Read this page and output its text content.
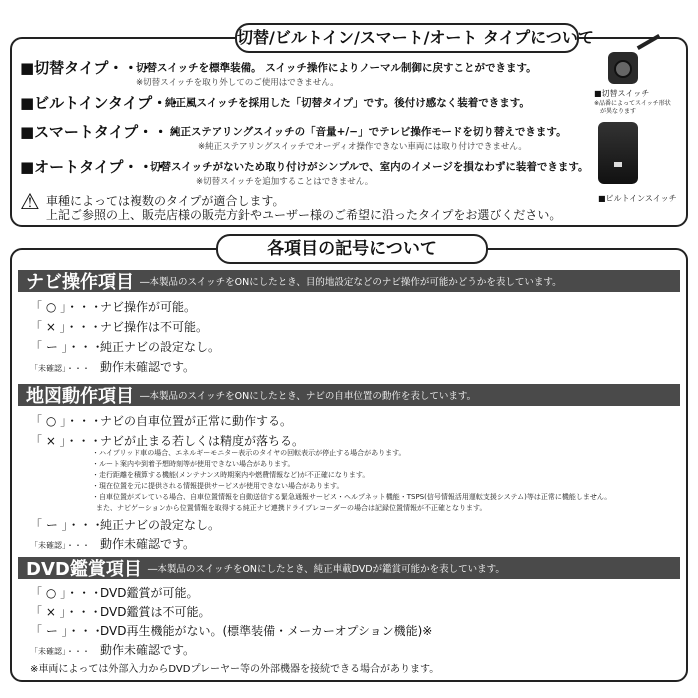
切替/ビルトイン/スマート/オート タイプについて
■切替タイプ・・・
切替スイッチを標準装備。 スイッチ操作によりノーマル制御に戻すことができます。
※切替スイッチを取り外してのご使用はできません。
■ビルトインタイプ・・・
純正風スイッチを採用した「切替タイプ」です。後付け感なく装着できます。
■スマートタイプ・・・
純正ステアリングスイッチの「音量+/−」でテレビ操作モードを切り替えできます。
※純正ステアリングスイッチでオーディオ操作できない車両には取り付けできません。
■オートタイプ・・・
切替スイッチがないため取り付けがシンプルで、室内のイメージを損なわずに装着できます。
※切替スイッチを追加することはできません。
⚠ 車種によっては複数のタイプが適合します。
上記ご参照の上、販売店様の販売方針やユーザー様のご希望に沿ったタイプをお選びください。
■切替スイッチ
※品番によってスイッチ形状
が異なります
■ビルトインスイッチ
各項目の記号について
ナビ操作項目 ―本製品のスイッチをONにしたとき、目的地設定などのナビ操作が可能かどうかを表しています。
「 ○ 」・・・ナビ操作が可能。
「 × 」・・・ナビ操作は不可能。
「 ー 」・・・純正ナビの設定なし。
「未確認」・・・ 動作未確認です。
地図動作項目 ―本製品のスイッチをONにしたとき、ナビの自車位置の動作を表しています。
「 ○ 」・・・ナビの自車位置が正常に動作する。
「 × 」・・・ナビが止まる若しくは精度が落ちる。
・ハイブリッド車の場合、エネルギーモニター表示のタイヤの回転表示が停止する場合があります。
・ルート案内や到着予想時刻等が使用できない場合があります。
・走行距離を積算する機能(メンテナンス時期案内や燃費情報など)が不正確になります。
・現在位置を元に提供される情報提供サービスが使用できない場合があります。
・自車位置がズレている場合、自車位置情報を自動送信する緊急通報サービス・ヘルプネット機能・TSPS(信号情報活用運転支援システム)等は正常に機能しません。
また、ナビゲーションから位置情報を取得する純正ナビ連携ドライブレコーダーの場合は記録位置情報が不正確となります。
「 ー 」・・・純正ナビの設定なし。
「未確認」・・・ 動作未確認です。
DVD鑑賞項目 ―本製品のスイッチをONにしたとき、純正車載DVDが鑑賞可能かを表しています。
「 ○ 」・・・DVD鑑賞が可能。
「 × 」・・・DVD鑑賞は不可能。
「 ー 」・・・DVD再生機能がない。(標準装備・メーカーオプション機能)※
「未確認」・・・ 動作未確認です。
※車両によっては外部入力からDVDプレーヤー等の外部機器を接続できる場合があります。
